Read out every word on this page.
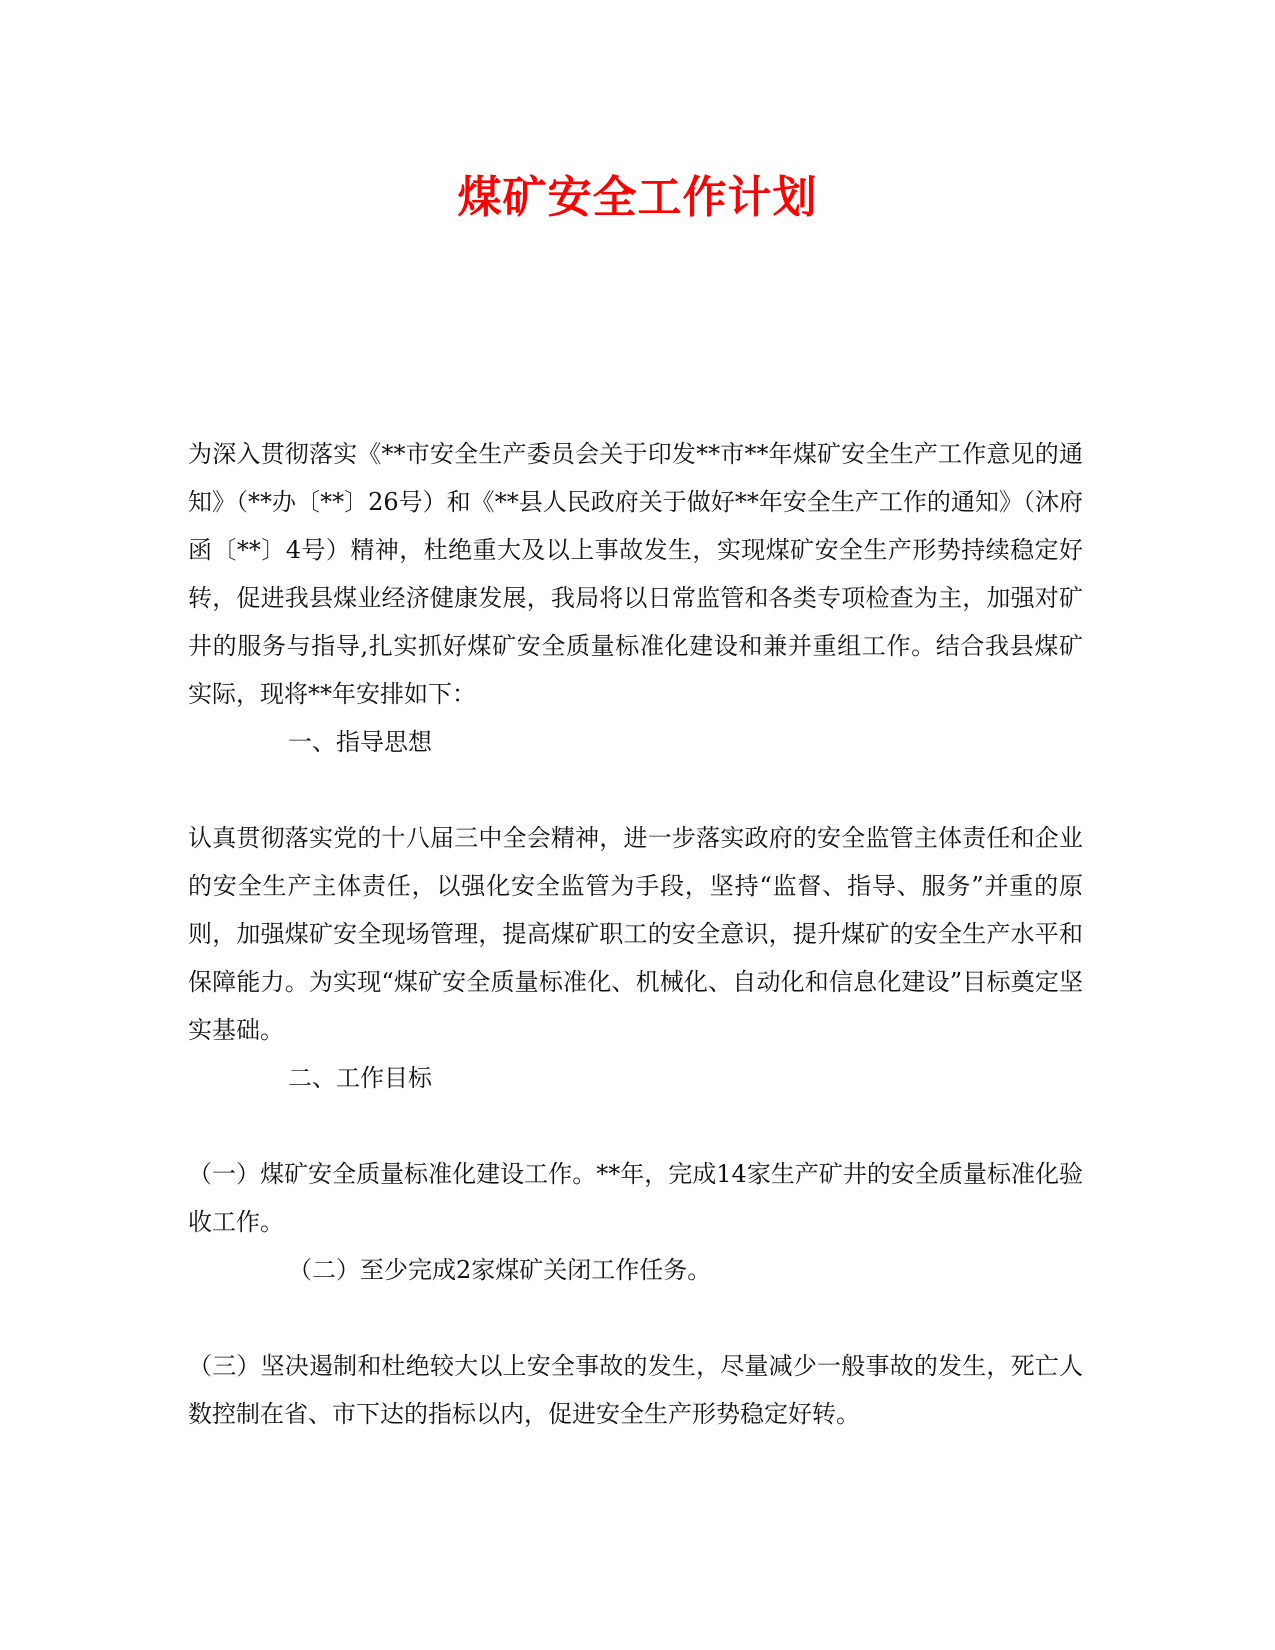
煤矿安全工作计划

为深入贯彻落实《**市安全生产委员会关于印发**市**年煤矿安全生产工作意见的通知》（**办〔**〕26号）和《**县人民政府关于做好**年安全生产工作的通知》（沐府函〔**〕4号）精神，杜绝重大及以上事故发生，实现煤矿安全生产形势持续稳定好转，促进我县煤业经济健康发展，我局将以日常监管和各类专项检查为主，加强对矿井的服务与指导,扎实抓好煤矿安全质量标准化建设和兼并重组工作。结合我县煤矿实际，现将**年安排如下：

一、指导思想

认真贯彻落实党的十八届三中全会精神，进一步落实政府的安全监管主体责任和企业的安全生产主体责任，以强化安全监管为手段，坚持“监督、指导、服务”并重的原则，加强煤矿安全现场管理，提高煤矿职工的安全意识，提升煤矿的安全生产水平和保障能力。为实现“煤矿安全质量标准化、机械化、自动化和信息化建设”目标奠定坚实基础。

二、工作目标

（一）煤矿安全质量标准化建设工作。**年，完成14家生产矿井的安全质量标准化验收工作。

（二）至少完成2家煤矿关闭工作任务。

（三）坚决遏制和杜绝较大以上安全事故的发生，尽量减少一般事故的发生，死亡人数控制在省、市下达的指标以内，促进安全生产形势稳定好转。
